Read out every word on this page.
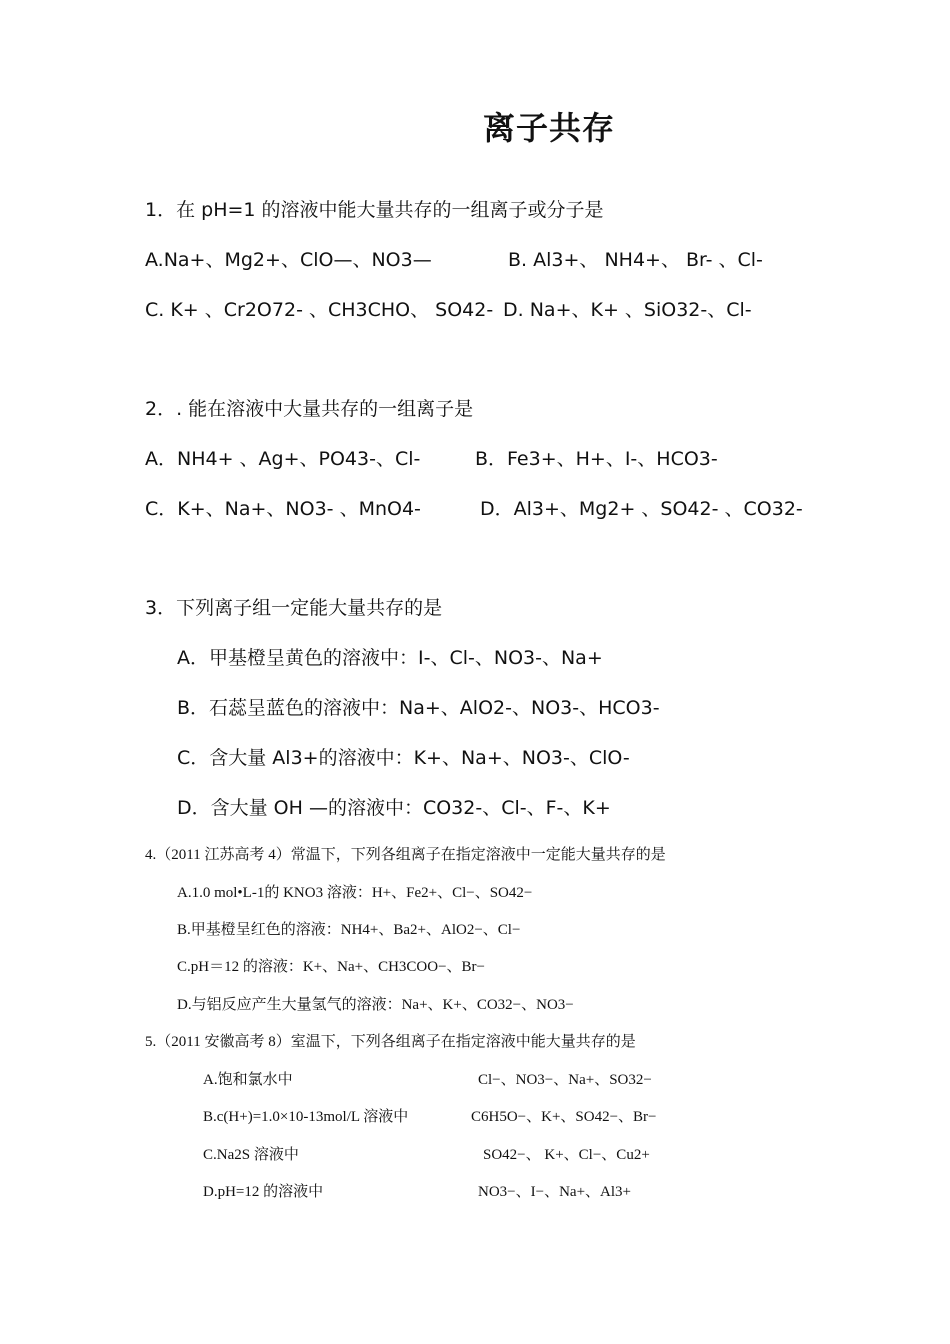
离子共存
1．在 pH=1 的溶液中能大量共存的一组离子或分子是
A.Na+、Mg2+、ClO—、NO3—	B. Al3+、 NH4+、 Br- 、Cl-
C. K+ 、Cr2O72- 、CH3CHO、 SO42- D. Na+、K+ 、SiO32-、Cl-
2．. 能在溶液中大量共存的一组离子是
A．NH4+ 、Ag+、PO43-、Cl-	B．Fe3+、H+、I-、HCO3-
C．K+、Na+、NO3- 、MnO4-	D．Al3+、Mg2+ 、SO42- 、CO32-
3．下列离子组一定能大量共存的是
A．甲基橙呈黄色的溶液中：I-、Cl-、NO3-、Na+
B．石蕊呈蓝色的溶液中：Na+、AlO2-、NO3-、HCO3-
C．含大量 Al3+的溶液中：K+、Na+、NO3-、ClO-
D．含大量 OH —的溶液中：CO32-、Cl-、F-、K+
4.（2011 江苏高考 4）常温下，下列各组离子在指定溶液中一定能大量共存的是
A.1.0 mol•L-1的 KNO3 溶液：H+、Fe2+、Cl−、SO42−
B.甲基橙呈红色的溶液：NH4+、Ba2+、AlO2−、Cl−
C.pH＝12 的溶液：K+、Na+、CH3COO−、Br−
D.与铝反应产生大量氢气的溶液：Na+、K+、CO32−、NO3−
5.（2011 安徽高考 8）室温下，下列各组离子在指定溶液中能大量共存的是
A.饱和氯水中	Cl−、NO3−、Na+、SO32−
B.c(H+)=1.0×10-13mol/L 溶液中	C6H5O−、K+、SO42−、Br−
C.Na2S 溶液中	SO42−、 K+、Cl−、Cu2+
D.pH=12 的溶液中	NO3−、I−、Na+、Al3+
